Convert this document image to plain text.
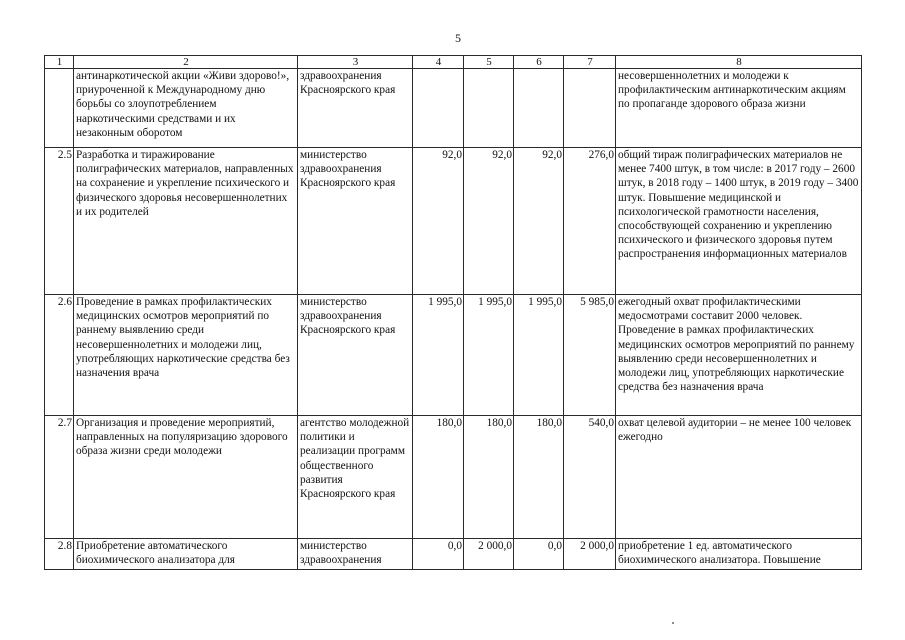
5
1	2	3	4	5	6	7	8
	антинаркотической акции «Живи здорово!», приуроченной к Международному дню борьбы со злоупотреблением наркотическими средствами и их незаконным оборотом	здравоохранения Красноярского края					несовершеннолетних и молодежи к профилактическим антинаркотическим акциям по пропаганде здорового образа жизни
2.5	Разработка и тиражирование полиграфических материалов, направленных на сохранение и укрепление психического и физического здоровья несовершеннолетних и их родителей	министерство здравоохранения Красноярского края	92,0	92,0	92,0	276,0	общий тираж полиграфических материалов не менее 7400 штук, в том числе: в 2017 году – 2600 штук, в 2018 году – 1400 штук, в 2019 году – 3400 штук. Повышение медицинской и психологической грамотности населения, способствующей сохранению и укреплению психического и физического здоровья путем распространения информационных материалов
2.6	Проведение в рамках профилактических медицинских осмотров мероприятий по раннему выявлению среди несовершеннолетних и молодежи лиц, употребляющих наркотические средства без назначения врача	министерство здравоохранения Красноярского края	1 995,0	1 995,0	1 995,0	5 985,0	ежегодный охват профилактическими медосмотрами составит 2000 человек. Проведение в рамках профилактических медицинских осмотров мероприятий по раннему выявлению среди несовершеннолетних и молодежи лиц, употребляющих наркотические средства без назначения врача
2.7	Организация и проведение мероприятий, направленных на популяризацию здорового образа жизни среди молодежи	агентство молодежной политики и реализации программ общественного развития Красноярского края	180,0	180,0	180,0	540,0	охват целевой аудитории – не менее 100 человек ежегодно
2.8	Приобретение автоматического биохимического анализатора для	министерство здравоохранения	0,0	2 000,0	0,0	2 000,0	приобретение 1 ед. автоматического биохимического анализатора. Повышение
